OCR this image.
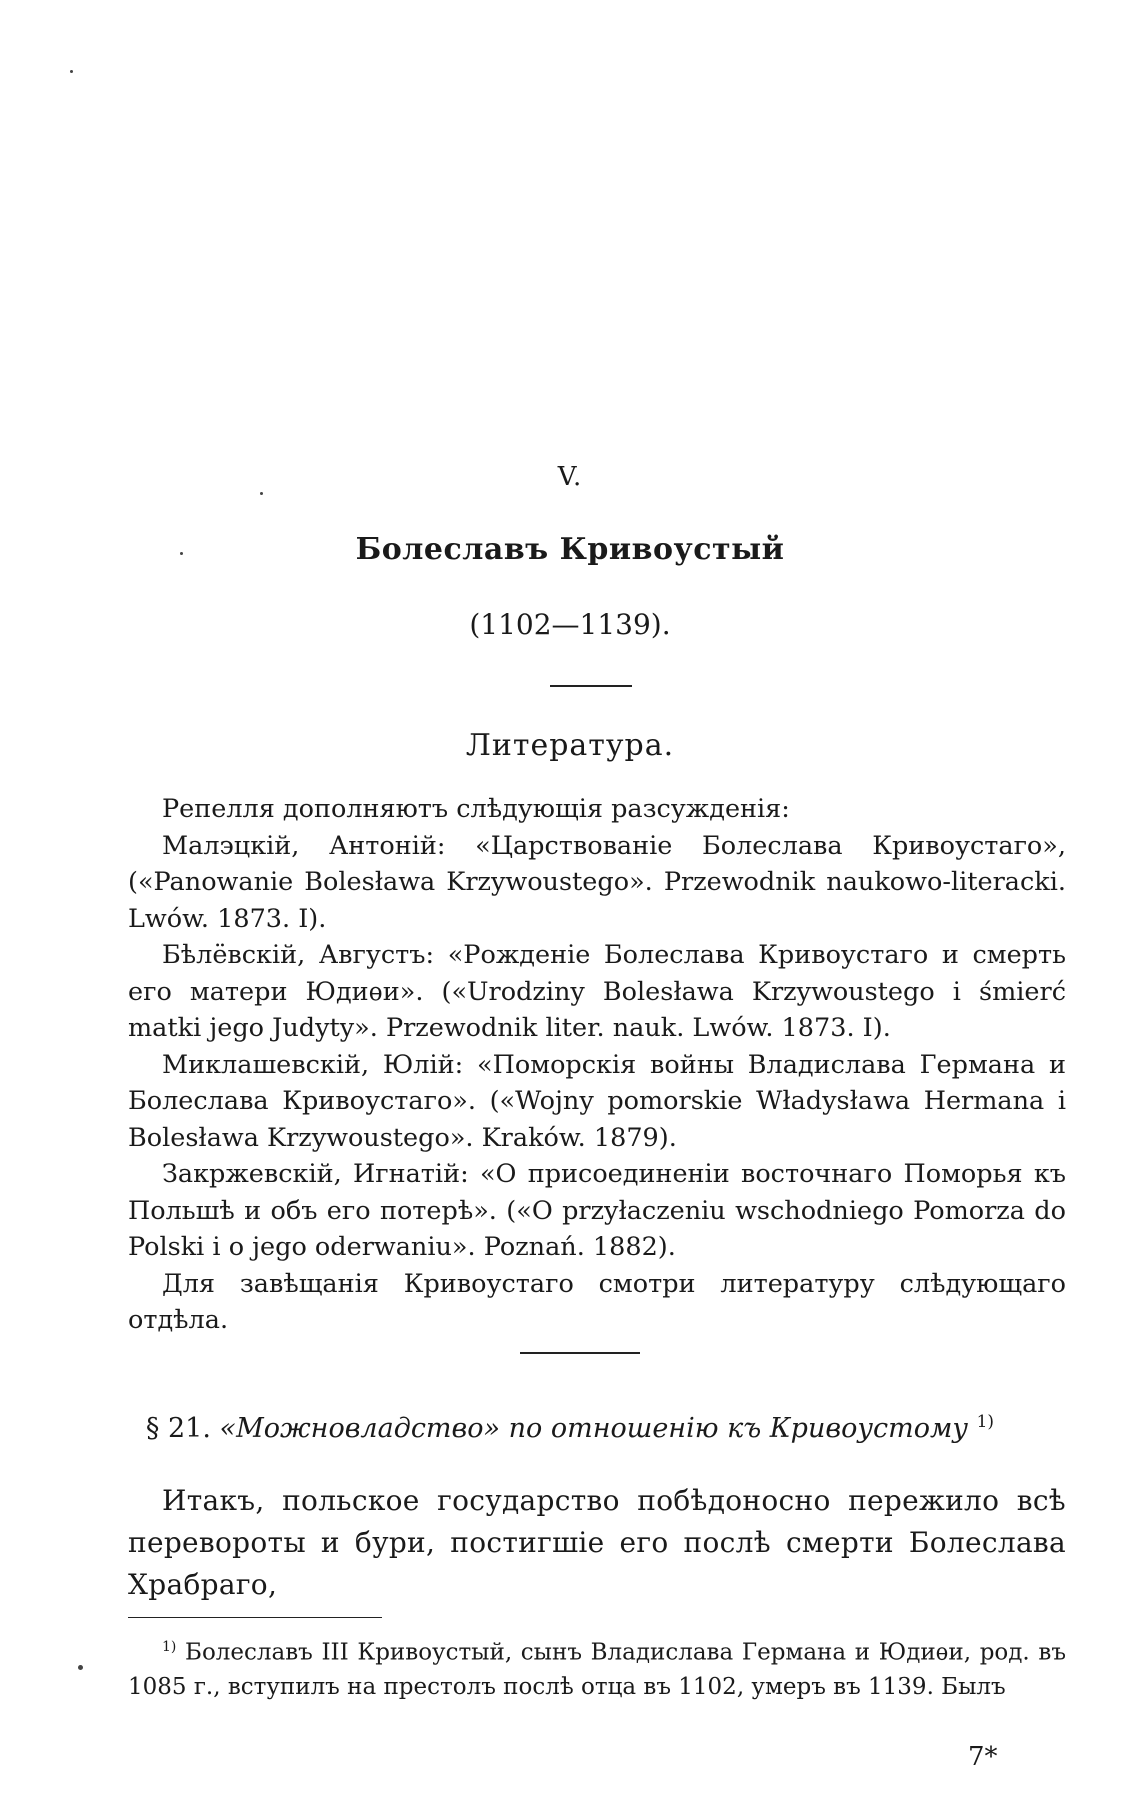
V.
Болеславъ Кривоустый
(1102—1139).
Литература.

Репелля дополняютъ слѣдующія разсужденія:

Малэцкій, Антоній: «Царствованіе Болеслава Кривоустаго», («Panowanie Bolesława Krzywoustego». Przewodnik naukowo-literacki. Lwów. 1873. I).

Бѣлёвскій, Августъ: «Рожденіе Болеслава Кривоустаго и смерть его матери Юдиѳи». («Urodziny Bolesława Krzywoustego i śmierć matki jego Judyty». Przewodnik liter. nauk. Lwów. 1873. I).

Миклашевскій, Юлій: «Поморскія войны Владислава Германа и Болеслава Кривоустаго». («Wojny pomorskie Władysława Hermana i Bolesława Krzywoustego». Kraków. 1879).

Закржевскій, Игнатій: «О присоединеніи восточнаго Поморья къ Польшѣ и объ его потерѣ». («O przyłaczeniu wschodniego Pomorza do Polski i o jego oderwaniu». Poznań. 1882).

Для завѣщанія Кривоустаго смотри литературу слѣдующаго отдѣла.

§ 21. «Можновладство» по отношенію къ Кривоустому $^{1)}$

Итакъ, польское государство побѣдоносно пережило всѣ перевороты и бури, постигшіе его послѣ смерти Болеслава Храбраго,

$^{1)}$ Болеславъ III Кривоустый, сынъ Владислава Германа и Юдиѳи, род. въ 1085 г., вступилъ на престолъ послѣ отца въ 1102, умеръ въ 1139. Былъ

7*
